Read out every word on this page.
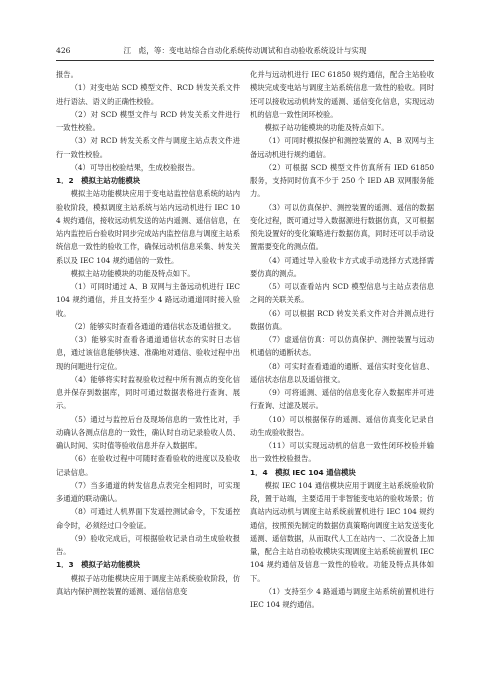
426	江　彪，等：变电站综合自动化系统传动调试和自动验收系统设计与实现

报告。

（1）对变电站 SCD 模型文件、RCD 转发关系文件进行语法、语义的正确性校验。

（2）对 SCD 模型文件与 RCD 转发关系文件进行一致性校验。

（3）对 RCD 转发关系文件与调度主站点表文件进行一致性校验。

（4）可导出校验结果，生成校验报告。

1．2　模拟主站功能模块

模拟主站功能模块应用于变电站监控信息系统的站内验收阶段，模拟调度主站系统与站内远动机进行 IEC 104 规约通信，接收远动机发送的站内遥测、遥信信息，在站内监控后台验收时同步完成站内监控信息与调度主站系统信息一致性的验收工作，确保远动机信息采集、转发关系以及 IEC 104 规约通信的一致性。

模拟主站功能模块的功能及特点如下。

（1）可同时通过 A、B 双网与主备远动机进行 IEC 104 规约通信，并且支持至少 4 路远动通道同时接入验收。

（2）能够实时查看各通道的通信状态及通信报文。

（3）能够实时查看各通道通信状态的实时日志信息，通过该信息能够快速、准确地对通信、验收过程中出现的问题进行定位。

（4）能够将实时监视验收过程中所有测点的变化信息并保存到数据库，同时可通过数据表格进行查询、展示。

（5）通过与监控后台及现场信息的一致性比对，手动确认各测点信息的一致性，确认时自动记录验收人员、确认时间、实时值等验收信息并存入数据库。

（6）在验收过程中可随时查看验收的进度以及验收记录信息。

（7）当多通道的转发信息点表完全相同时，可实现多通道的联动确认。

（8）可通过人机界面下发遥控测试命令，下发遥控命令时，必须经过口令验证。

（9）验收完成后，可根据验收记录自动生成验收报告。

1．3　模拟子站功能模块

模拟子站功能模块应用于调度主站系统验收阶段，仿真站内保护测控装置的遥测、遥信信息变

化并与远动机进行 IEC 61850 规约通信，配合主站验收模块完成变电站与调度主站系统信息一致性的验收。同时还可以接收远动机转发的遥测、遥信变化信息，实现远动机的信息一致性闭环校验。

模拟子站功能模块的功能及特点如下。

（1）可同时模拟保护和测控装置的 A、B 双网与主备远动机进行规约通信。

（2）可根据 SCD 模型文件仿真所有 IED 61850 服务，支持同时仿真不少于 250 个 IED AB 双网服务能力。

（3）可以仿真保护、测控装置的遥测、遥信的数据变化过程，既可通过导入数据源进行数据仿真，又可根据预先设置好的变化策略进行数据仿真，同时还可以手动设置需要变化的测点值。

（4）可通过导入验收卡方式或手动选择方式选择需要仿真的测点。

（5）可以查看站内 SCD 模型信息与主站点表信息之间的关联关系。

（6）可以根据 RCD 转发关系文件对合并测点进行数据仿真。

（7）虚遥信仿真：可以仿真保护、测控装置与远动机通信的通断状态。

（8）可实时查看通道的通断、遥信实时变化信息、遥信状态信息以及遥信报文。

（9）可将遥测、遥信的信息变化存入数据库并可进行查询、过滤及展示。

（10）可以根据保存的遥测、遥信仿真变化记录自动生成验收报告。

（11）可以实现远动机的信息一致性闭环校验并输出一致性校验报告。

1．4　模拟 IEC 104 通信模块

模拟 IEC 104 通信模块应用于调度主站系统验收阶段，置于站端，主要适用于非智能变电站的验收场景；仿真站内远动机与调度主站系统前置机进行 IEC 104 规约通信，按照预先制定的数据仿真策略向调度主站发送变化遥测、遥信数据，从而取代人工在站内一、二次设备上加量，配合主站自动验收模块实现调度主站系统前置机 IEC 104 规约通信及信息一致性的验收。功能及特点具体如下。

（1）支持至少 4 路遥通与调度主站系统前置机进行 IEC 104 规约通信。
